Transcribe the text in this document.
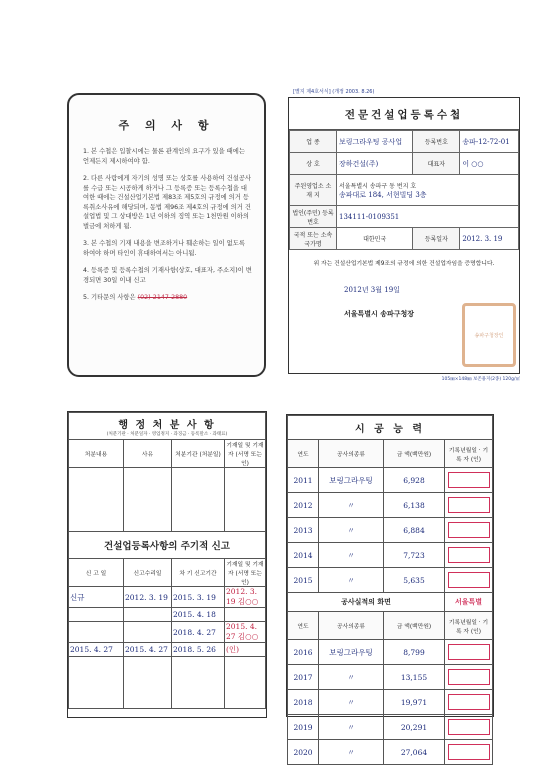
주 의 사 항
1. 본 수첩은 입찰시에는 물론 관계인의 요구가 있을 때에는 언제든지 제시하여야 함.
2. 다른 사람에게 자기의 성명 또는 상호를 사용하여 건설공사를 수급 또는 시공하게 하거나 그 등록증 또는 등록수첩을 대여한 때에는 건설산업기본법 제83조 제5호의 규정에 의거 등록취소사유에 해당되며, 동법 제96조 제4호의 규정에 의거 건설업법 및 그 상대방은 1년 이하의 징역 또는 1천만원 이하의 벌금에 처하게 됨.
3. 본 수첩의 기재 내용을 변조하거나 훼손하는 일이 없도록 하여야 하며 타인이 휴대하여서는 아니됨.
4. 등록증 및 등록수첩의 기재사항(상호, 대표자, 주소지)이 변경되면 30일 이내 신고
5. 기타문의 사항은 (02)-2147-2880
[별지 제4호서식] (개정 2003. 8.26)
전문건설업등록수첩
업 종	보링그라우팅 공사업	등록번호	송파-12-72-01
상 호	장하건설(주)	대표자	이 ○○
주된영업소 소 재 지	서울특별시 송파구 동 번지 호
송파대로 184, 서현빌딩 3층		

법인(주민) 등록번호	134111-0109351		
국적 또는 소속국가명	대한민국	등록일자	2012. 3. 19
위 자는 건설산업기본법 제9조의 규정에 의한 건설업자임을 증명합니다.
2012년 3월 19일
서울특별시 송파구청장
송파구청장인
105㎜×148㎜ 보존용지(2종) 120g/㎡
행 정 처 분 사 항			
(처분기관 · 처분일자 · 영업정지 · 과징금 · 등록말소 · 과태료)			
처분내용	사유	처분기관 (처분일)	기재일 및 기재자 (서명 또는 인)

건설업등록사항의 주기적 신고			
신 고 일	신고수리일	차 기 신고기간	기재일 및 기재자 (서명 또는 인)
신규	2012. 3. 19	2015. 3. 19	2012. 3. 19 김○○
		2015. 4. 18	
		2018. 4. 27	2015. 4. 27 김○○
2015. 4. 27	2015. 4. 27	2018. 5. 26	(인)

시 공 능 력			
연도	공사의종류	금 액(백만원)	기록년월일 · 기 록 자 (인)
2011	보링그라우팅	6,928	
2012	〃	6,138	
2013	〃	6,884	
2014	〃	7,723	
2015	〃	5,635	
공사실적의 화면			서울특별
연도	공사의종류	금 액(백만원)	기록년월일 · 기 록 자 (인)
2016	보링그라우팅	8,799	
2017	〃	13,155	
2018	〃	19,971	
2019	〃	20,291	
2020	〃	27,064	
